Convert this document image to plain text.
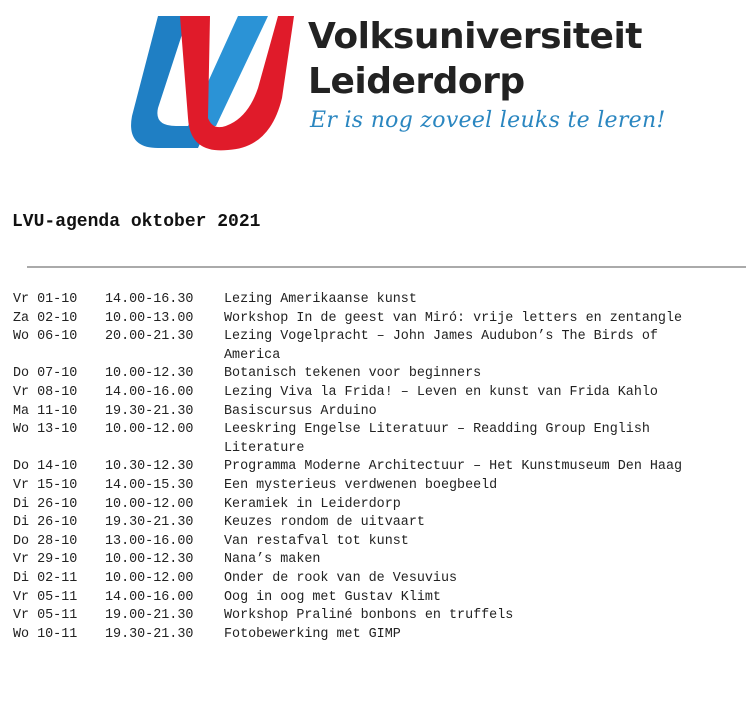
Volksuniversiteit
Leiderdorp
Er is nog zoveel leuks te leren!
LVU-agenda oktober 2021
Vr 01-10	14.00-16.30	Lezing Amerikaanse kunst
Za 02-10	10.00-13.00	Workshop In de geest van Miró: vrije letters en zentangle
Wo 06-10	20.00-21.30	Lezing Vogelpracht – John James Audubon’s The Birds of America
Do 07-10	10.00-12.30	Botanisch tekenen voor beginners
Vr 08-10	14.00-16.00	Lezing Viva la Frida! – Leven en kunst van Frida Kahlo
Ma 11-10	19.30-21.30	Basiscursus Arduino
Wo 13-10	10.00-12.00	Leeskring Engelse Literatuur – Readding Group English Literature
Do 14-10	10.30-12.30	Programma Moderne Architectuur – Het Kunstmuseum Den Haag
Vr 15-10	14.00-15.30	Een mysterieus verdwenen boegbeeld
Di 26-10	10.00-12.00	Keramiek in Leiderdorp
Di 26-10	19.30-21.30	Keuzes rondom de uitvaart
Do 28-10	13.00-16.00	Van restafval tot kunst
Vr 29-10	10.00-12.30	Nana’s maken
Di 02-11	10.00-12.00	Onder de rook van de Vesuvius
Vr 05-11	14.00-16.00	Oog in oog met Gustav Klimt
Vr 05-11	19.00-21.30	Workshop Praliné bonbons en truffels
Wo 10-11	19.30-21.30	Fotobewerking met GIMP
